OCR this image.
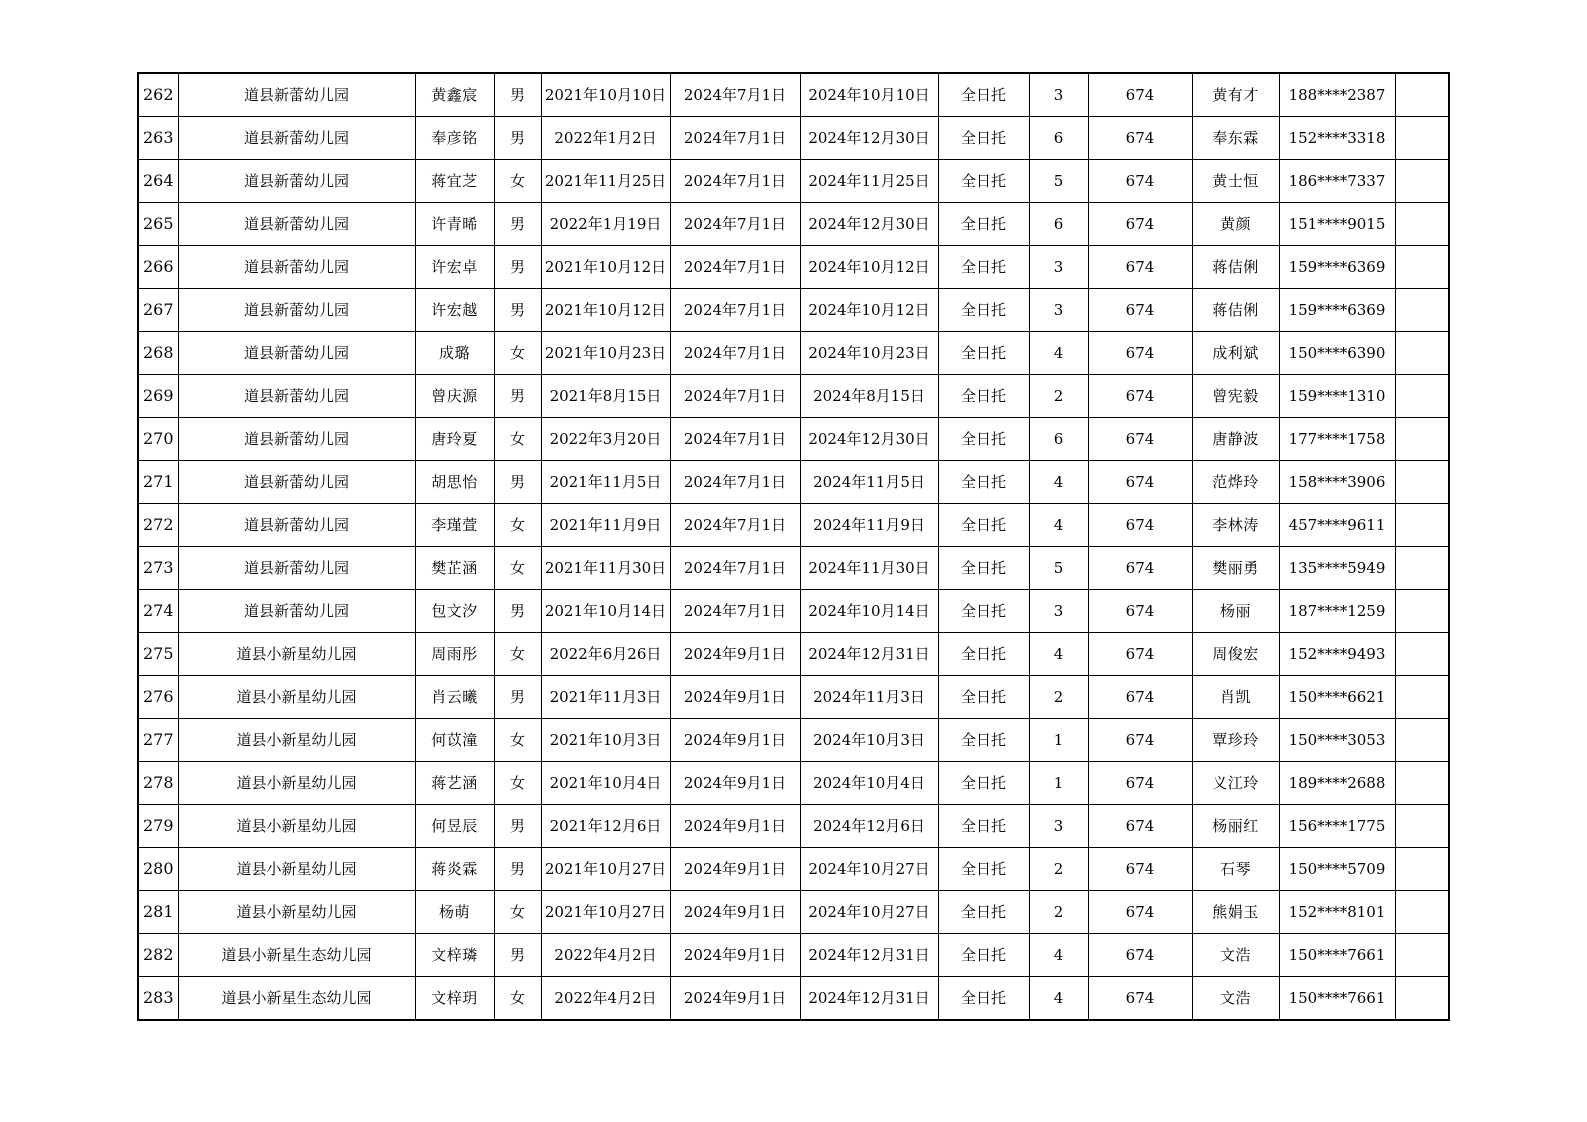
262	道县新蕾幼儿园	黄鑫宸	男	2021年10月10日	2024年7月1日	2024年10月10日	全日托	3	674	黄有才	188****2387	
263	道县新蕾幼儿园	奉彦铭	男	2022年1月2日	2024年7月1日	2024年12月30日	全日托	6	674	奉东霖	152****3318	
264	道县新蕾幼儿园	蒋宜芝	女	2021年11月25日	2024年7月1日	2024年11月25日	全日托	5	674	黄士恒	186****7337	
265	道县新蕾幼儿园	许青晞	男	2022年1月19日	2024年7月1日	2024年12月30日	全日托	6	674	黄颜	151****9015	
266	道县新蕾幼儿园	许宏卓	男	2021年10月12日	2024年7月1日	2024年10月12日	全日托	3	674	蒋佶俐	159****6369	
267	道县新蕾幼儿园	许宏越	男	2021年10月12日	2024年7月1日	2024年10月12日	全日托	3	674	蒋佶俐	159****6369	
268	道县新蕾幼儿园	成璐	女	2021年10月23日	2024年7月1日	2024年10月23日	全日托	4	674	成利斌	150****6390	
269	道县新蕾幼儿园	曾庆源	男	2021年8月15日	2024年7月1日	2024年8月15日	全日托	2	674	曾宪毅	159****1310	
270	道县新蕾幼儿园	唐玲夏	女	2022年3月20日	2024年7月1日	2024年12月30日	全日托	6	674	唐静波	177****1758	
271	道县新蕾幼儿园	胡思怡	男	2021年11月5日	2024年7月1日	2024年11月5日	全日托	4	674	范烨玲	158****3906	
272	道县新蕾幼儿园	李瑾萱	女	2021年11月9日	2024年7月1日	2024年11月9日	全日托	4	674	李林涛	457****9611	
273	道县新蕾幼儿园	樊芷涵	女	2021年11月30日	2024年7月1日	2024年11月30日	全日托	5	674	樊丽勇	135****5949	
274	道县新蕾幼儿园	包文汐	男	2021年10月14日	2024年7月1日	2024年10月14日	全日托	3	674	杨丽	187****1259	
275	道县小新星幼儿园	周雨彤	女	2022年6月26日	2024年9月1日	2024年12月31日	全日托	4	674	周俊宏	152****9493	
276	道县小新星幼儿园	肖云曦	男	2021年11月3日	2024年9月1日	2024年11月3日	全日托	2	674	肖凯	150****6621	
277	道县小新星幼儿园	何苡潼	女	2021年10月3日	2024年9月1日	2024年10月3日	全日托	1	674	覃珍玲	150****3053	
278	道县小新星幼儿园	蒋艺涵	女	2021年10月4日	2024年9月1日	2024年10月4日	全日托	1	674	义江玲	189****2688	
279	道县小新星幼儿园	何昱辰	男	2021年12月6日	2024年9月1日	2024年12月6日	全日托	3	674	杨丽红	156****1775	
280	道县小新星幼儿园	蒋炎霖	男	2021年10月27日	2024年9月1日	2024年10月27日	全日托	2	674	石琴	150****5709	
281	道县小新星幼儿园	杨萌	女	2021年10月27日	2024年9月1日	2024年10月27日	全日托	2	674	熊娟玉	152****8101	
282	道县小新星生态幼儿园	文梓璘	男	2022年4月2日	2024年9月1日	2024年12月31日	全日托	4	674	文浩	150****7661	
283	道县小新星生态幼儿园	文梓玥	女	2022年4月2日	2024年9月1日	2024年12月31日	全日托	4	674	文浩	150****7661	
